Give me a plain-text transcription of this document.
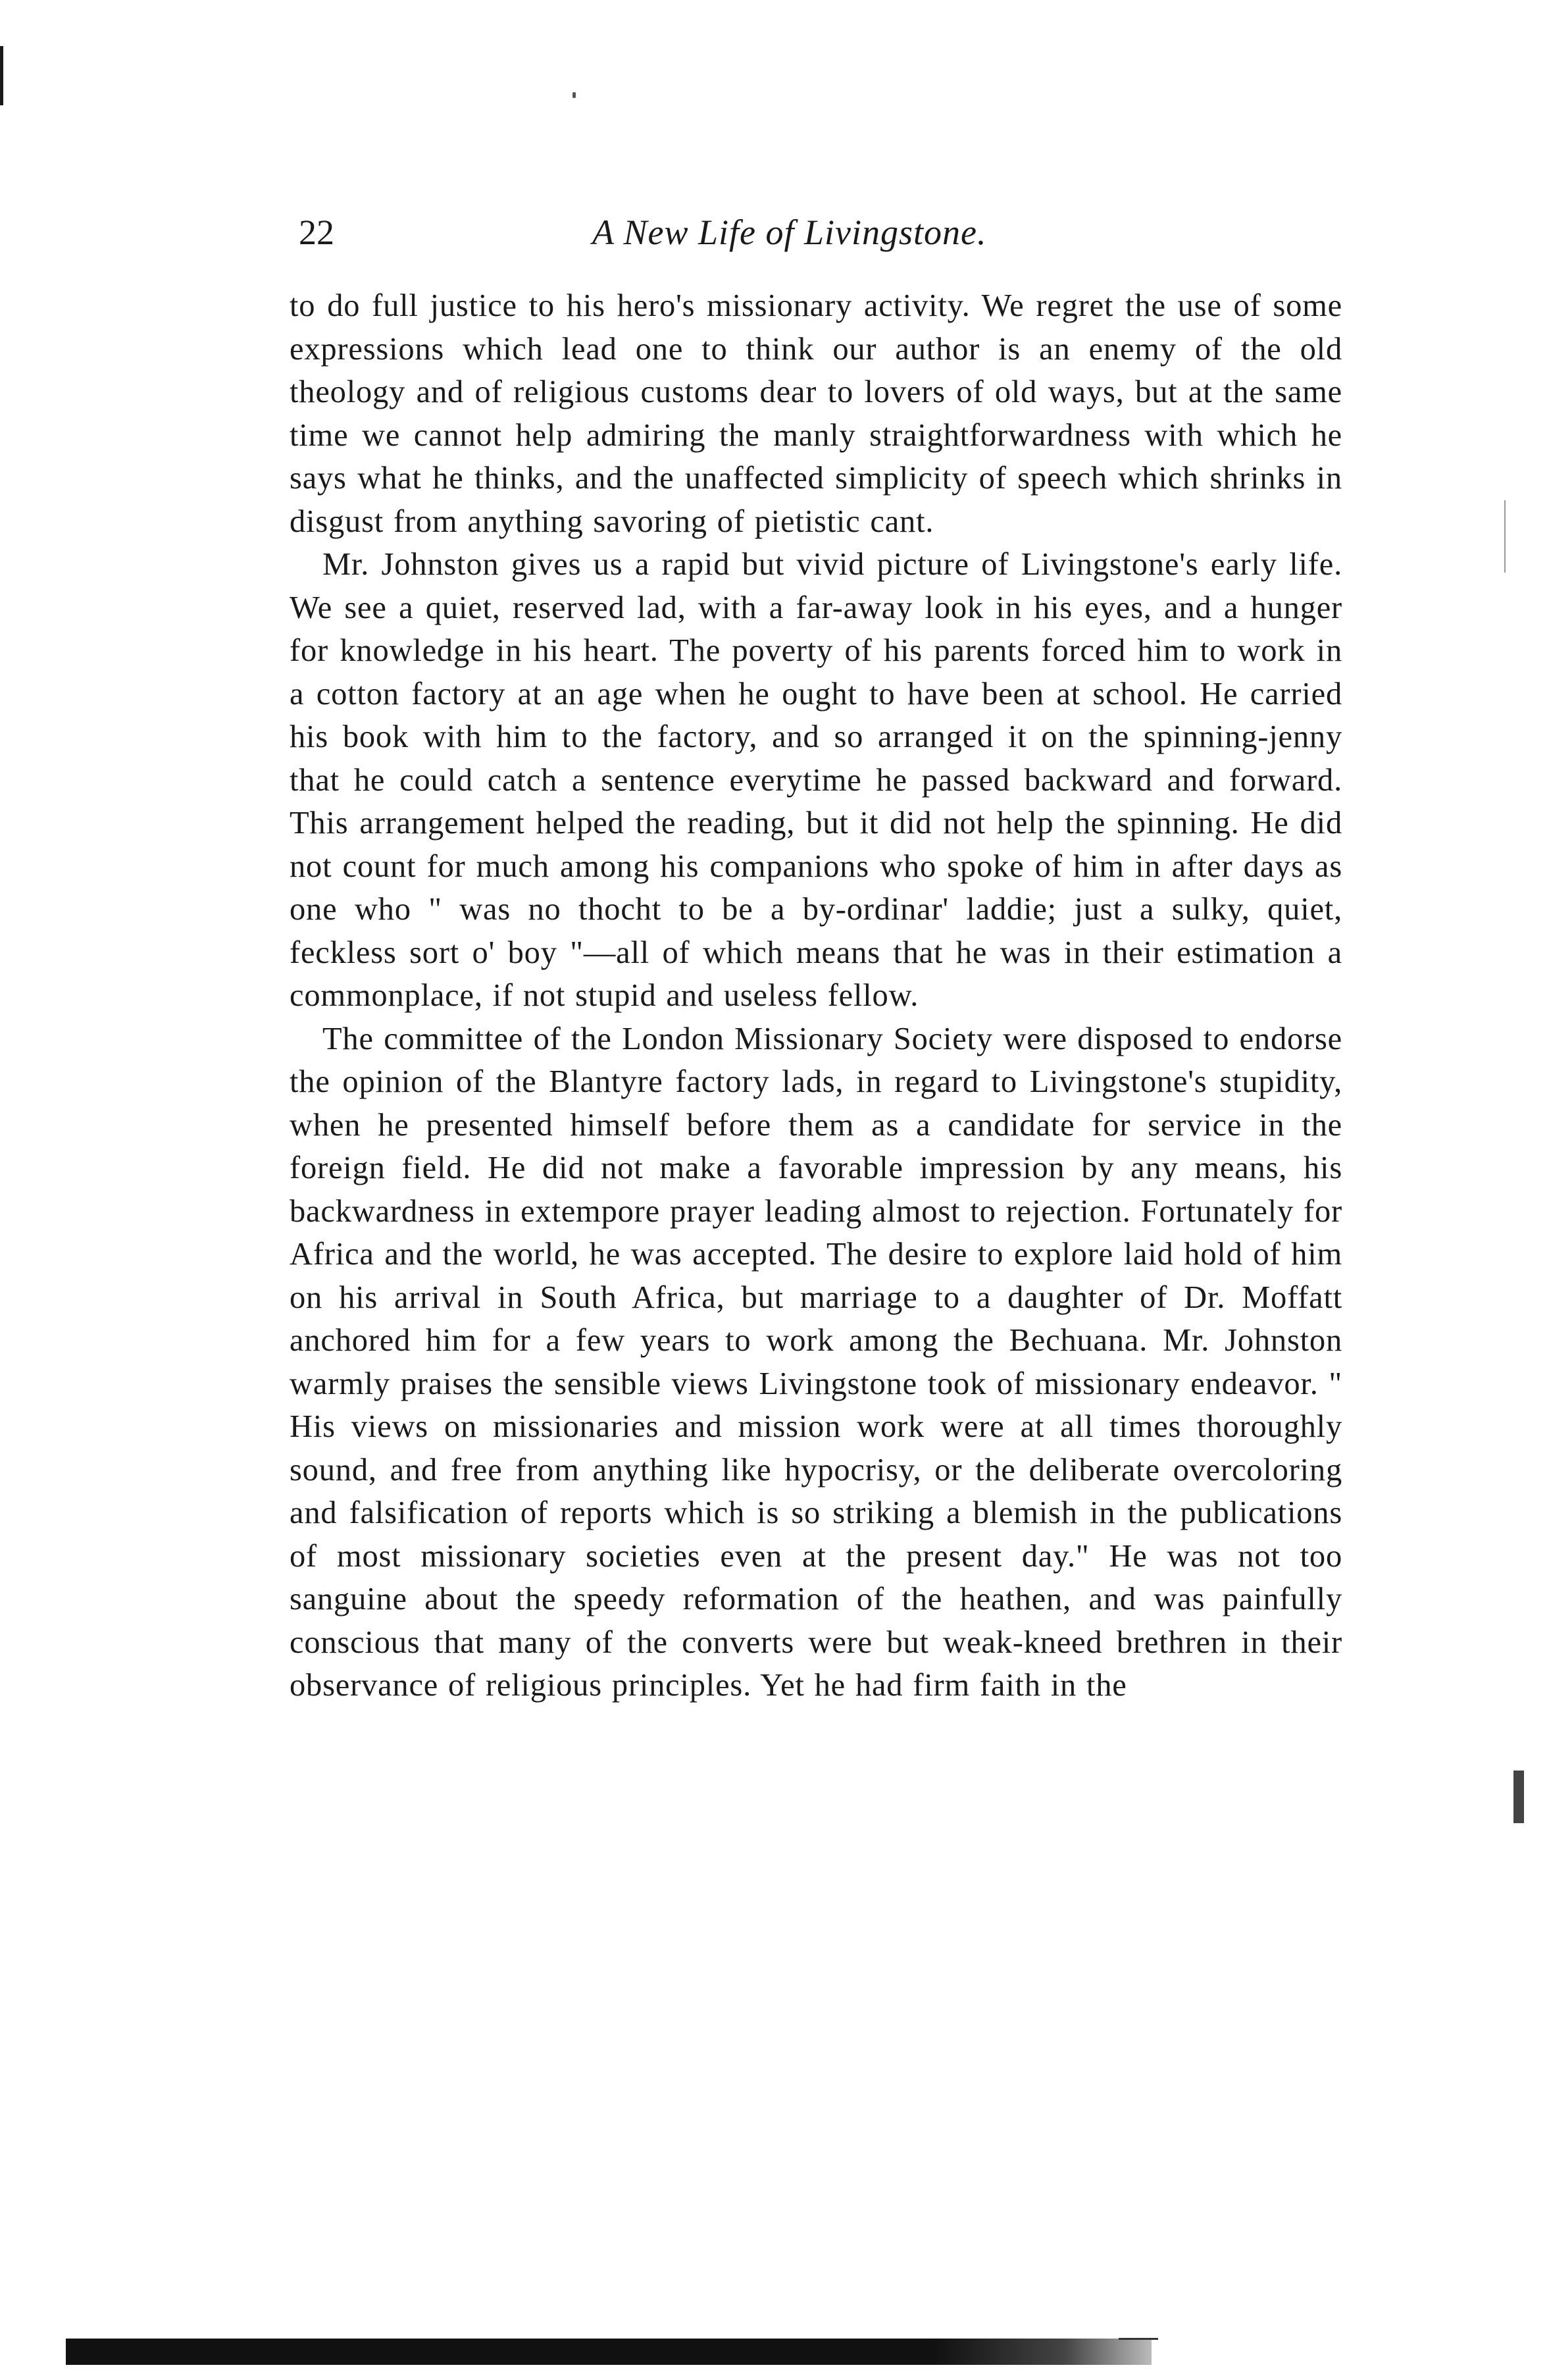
22	A New Life of Livingstone.

to do full justice to his hero's missionary activity. We regret the use of some expressions which lead one to think our author is an enemy of the old theology and of religious customs dear to lovers of old ways, but at the same time we cannot help admiring the manly straightforwardness with which he says what he thinks, and the unaffected simplicity of speech which shrinks in disgust from anything savoring of pietistic cant.

Mr. Johnston gives us a rapid but vivid picture of Livingstone's early life. We see a quiet, reserved lad, with a far-away look in his eyes, and a hunger for knowledge in his heart. The poverty of his parents forced him to work in a cotton factory at an age when he ought to have been at school. He carried his book with him to the factory, and so arranged it on the spinning-jenny that he could catch a sentence everytime he passed backward and forward. This arrangement helped the reading, but it did not help the spinning. He did not count for much among his companions who spoke of him in after days as one who " was no thocht to be a by-ordinar' laddie; just a sulky, quiet, feckless sort o' boy "—all of which means that he was in their estimation a commonplace, if not stupid and useless fellow.

The committee of the London Missionary Society were disposed to endorse the opinion of the Blantyre factory lads, in regard to Livingstone's stupidity, when he presented himself before them as a candidate for service in the foreign field. He did not make a favorable impression by any means, his backwardness in extempore prayer leading almost to rejection. Fortunately for Africa and the world, he was accepted. The desire to explore laid hold of him on his arrival in South Africa, but marriage to a daughter of Dr. Moffatt anchored him for a few years to work among the Bechuana. Mr. Johnston warmly praises the sensible views Livingstone took of missionary endeavor. " His views on missionaries and mission work were at all times thoroughly sound, and free from anything like hypocrisy, or the deliberate overcoloring and falsification of reports which is so striking a blemish in the publications of most missionary societies even at the present day." He was not too sanguine about the speedy reformation of the heathen, and was painfully conscious that many of the converts were but weak-kneed brethren in their observance of religious principles. Yet he had firm faith in the
